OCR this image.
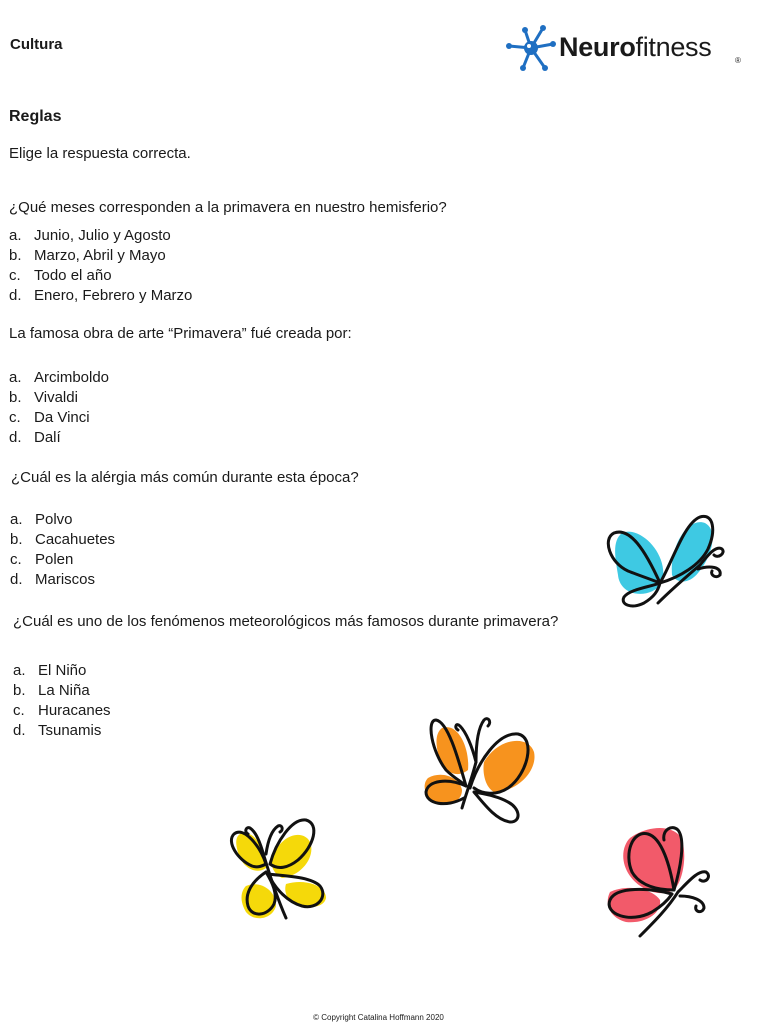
Cultura	Neurofitness	®
Reglas
Elige la respuesta correcta.
¿Qué meses corresponden a la primavera en nuestro hemisferio?
a. Junio, Julio y Agosto
b. Marzo, Abril y Mayo
c. Todo el año
d. Enero, Febrero y Marzo
La famosa obra de arte “Primavera” fué creada por:
a. Arcimboldo
b. Vivaldi
c. Da Vinci
d. Dalí
¿Cuál es la alérgia más común durante esta época?
a. Polvo
b. Cacahuetes
c. Polen
d. Mariscos
¿Cuál es uno de los fenómenos meteorológicos más famosos durante primavera?
a. El Niño
b. La Niña
c. Huracanes
d. Tsunamis
© Copyright Catalina Hoffmann 2020
